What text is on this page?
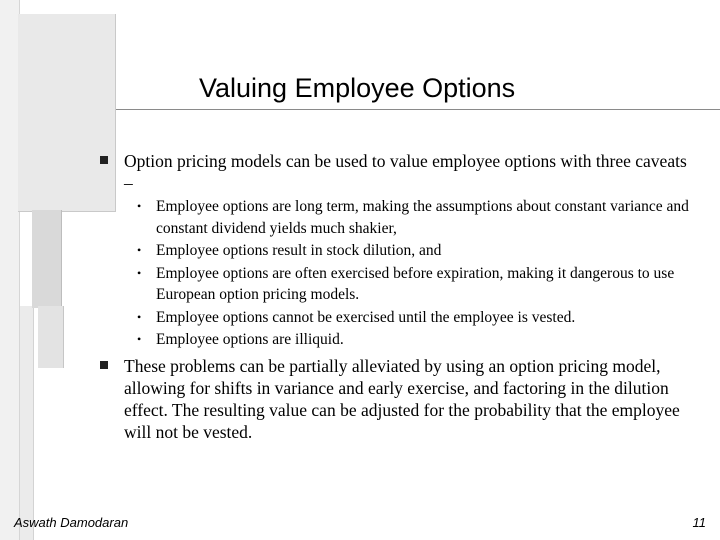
Valuing Employee Options
Option pricing models can be used to value employee options with three caveats –
• Employee options are long term, making the assumptions about constant variance and constant dividend yields much shakier,
• Employee options result in stock dilution, and
• Employee options are often exercised before expiration, making it dangerous to use European option pricing models.
• Employee options cannot be exercised until the employee is vested.
• Employee options are illiquid.
These problems can be partially alleviated by using an option pricing model, allowing for shifts in variance and early exercise, and factoring in the dilution effect. The resulting value can be adjusted for the probability that the employee will not be vested.
Aswath Damodaran	11
